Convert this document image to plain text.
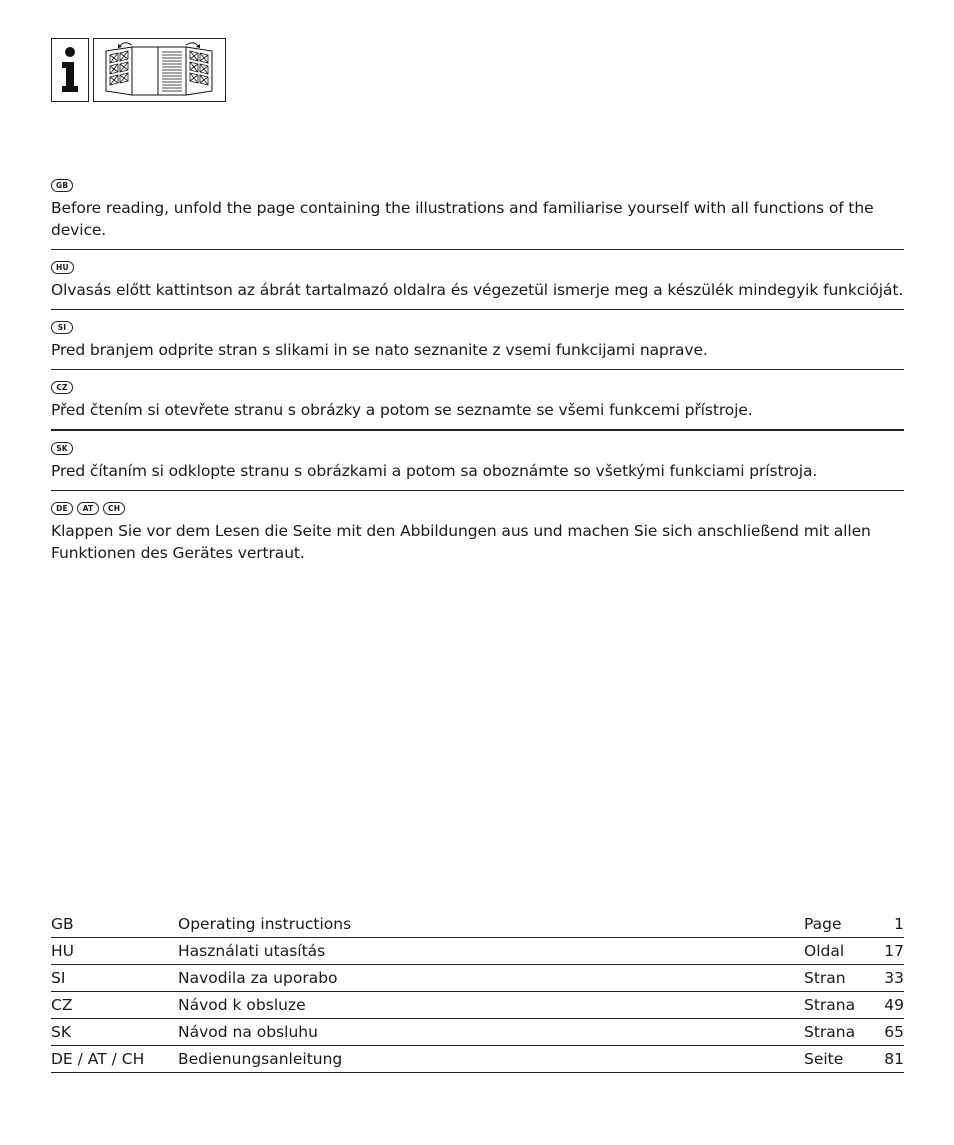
GB
Before reading, unfold the page containing the illustrations and familiarise yourself with all functions of the device.
HU
Olvasás előtt kattintson az ábrát tartalmazó oldalra és végezetül ismerje meg a készülék mindegyik funkcióját.
SI
Pred branjem odprite stran s slikami in se nato seznanite z vsemi funkcijami naprave.
CZ
Před čtením si otevřete stranu s obrázky a potom se seznamte se všemi funkcemi přístroje.
SK
Pred čítaním si odklopte stranu s obrázkami a potom sa oboznámte so všetkými funkciami prístroja.
DE	AT	CH
Klappen Sie vor dem Lesen die Seite mit den Abbildungen aus und machen Sie sich anschließend mit allen Funktionen des Gerätes vertraut.
GB	Operating instructions	Page	1
HU	Használati utasítás	Oldal	17
SI	Navodila za uporabo	Stran	33
CZ	Návod k obsluze	Strana	49
SK	Návod na obsluhu	Strana	65
DE / AT / CH	Bedienungsanleitung	Seite	81
